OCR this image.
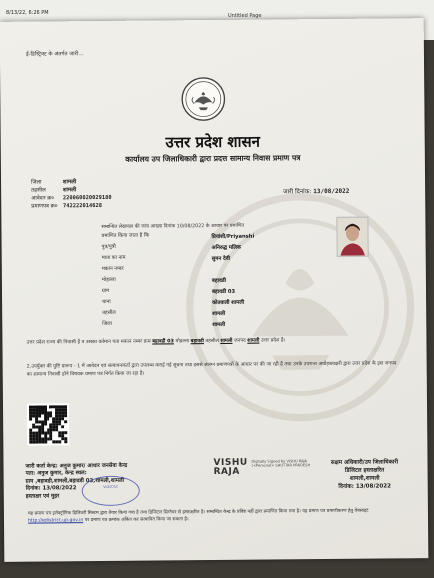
8/13/22, 6:26 PM	Untitled Page
ई-डिस्ट्रिक्ट के अंतर्गत जारी...
उत्तर प्रदेश शासन
कार्यालय उप जिलाधिकारी द्वारा प्रदत्त सामान्य निवास प्रमाण पत्र
जिला	शामली
तहसील	शामली
आवेदन क्र० 220060020029180
प्रमाणपत्र क्र० 742222014628
जारी दिनांक: 13/08/2022
सम्बन्धित लेखपाल की जांच आख्या दिनांक 10/08/2022 के आधार पर प्रमाणित
प्रमाणित किया जाता है कि	प्रियांशी/Priyanshi
पुत्र/पुत्री	अनिरुद्ध मलिक
माता का नाम	सुमन देवी
मकान नम्बर
मोहल्ला	बहावडी
ग्राम	बहावडी 03
थाना	कोतवाली शामली
तहसील	शामली
जिला	शामली
उत्तर प्रदेश राज्य की निवासी है व उसका वर्तमान पता मकान नम्बर ग्राम बहावडी 03 मोहल्ला बहावडी तहसील शामली जनपद शामली उत्तर प्रदेश है।
2.उपर्युक्त की पुष्टि प्रारूप - 1 में आवेदन एवं सत्यापनकर्ता द्वारा उपलब्ध कराई गई सूचना तथा इससे संलग्न प्रमाणपत्रों के आधार पर की जा रही है तथा उनके उपरान्त अधोहस्ताक्षरी द्वारा उत्तर प्रदेश के इस जनपद का सामान्य निवासी होने विषयक प्रमाण पत्र निर्गत किया जा रहा है।
जारी कर्ता केन्द्र: अनुज कुमार/ आधार जनसेवा केन्द्र
पता: अनुज कुमार, केन्द्र स्थल:
ग्राम ,बहावडी,शामली,बहावडी 03,शामली,शामली
दिनांक: 13/08/2022
हस्ताक्षर एवं मुहर
VLE/CSC
VISHU
RAJA
Digitally Signed by VISHU RAJA (<Personal> SHUTTAR PRADESH	सक्षम अधिकारी/उप जिलाधिकारी
डिजिटल हस्ताक्षरित
शामली,शामली
दिनांक: 13/08/2022
यह प्रमाण पत्र इलेक्ट्रॉनिक डिलिवरी सिस्टम द्वारा तैयार किया गया है तथा डिजिटल सिग्नेचर से हस्ताक्षरित है। सम्बन्धित केन्द्र के प्रविष्ट नहीं द्वारा प्रमाणित किया गया है। यह प्रमाण पत्र प्रमाणीकरण हेतु वेबसाइट http://edistrict.up.gov.in पर प्रमाण पत्र क्रमांक अंकित कर सत्यापित किया जा सकता है।
